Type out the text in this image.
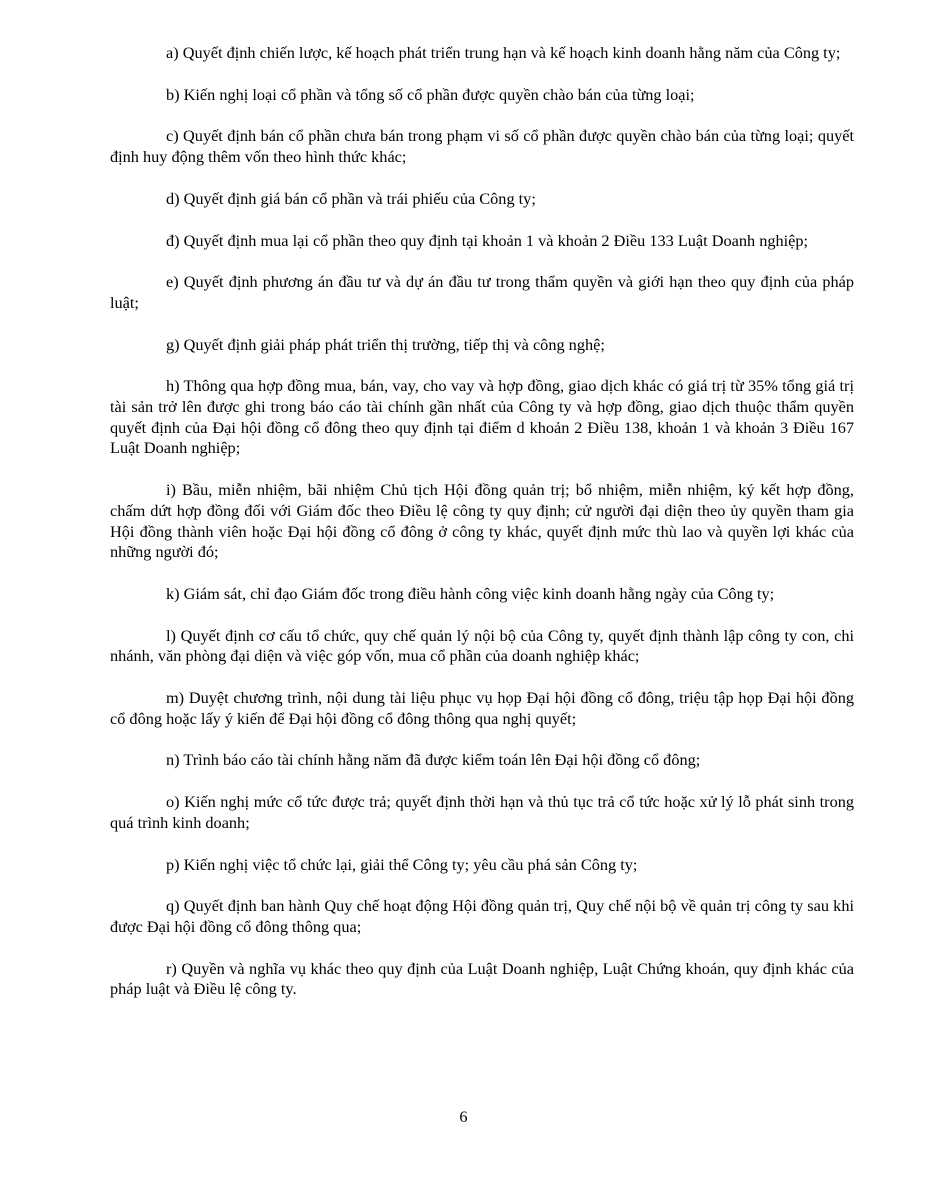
a) Quyết định chiến lược, kế hoạch phát triển trung hạn và kế hoạch kinh doanh hằng năm của Công ty;

b) Kiến nghị loại cổ phần và tổng số cổ phần được quyền chào bán của từng loại;

c) Quyết định bán cổ phần chưa bán trong phạm vi số cổ phần được quyền chào bán của từng loại; quyết định huy động thêm vốn theo hình thức khác;

d) Quyết định giá bán cổ phần và trái phiếu của Công ty;

đ) Quyết định mua lại cổ phần theo quy định tại khoản 1 và khoản 2 Điều 133 Luật Doanh nghiệp;

e) Quyết định phương án đầu tư và dự án đầu tư trong thẩm quyền và giới hạn theo quy định của pháp luật;

g) Quyết định giải pháp phát triển thị trường, tiếp thị và công nghệ;

h) Thông qua hợp đồng mua, bán, vay, cho vay và hợp đồng, giao dịch khác có giá trị từ 35% tổng giá trị tài sản trở lên được ghi trong báo cáo tài chính gần nhất của Công ty và hợp đồng, giao dịch thuộc thẩm quyền quyết định của Đại hội đồng cổ đông theo quy định tại điểm d khoản 2 Điều 138, khoản 1 và khoản 3 Điều 167 Luật Doanh nghiệp;

i) Bầu, miễn nhiệm, bãi nhiệm Chủ tịch Hội đồng quản trị; bổ nhiệm, miễn nhiệm, ký kết hợp đồng, chấm dứt hợp đồng đối với Giám đốc theo Điều lệ công ty quy định; cử người đại diện theo ủy quyền tham gia Hội đồng thành viên hoặc Đại hội đồng cổ đông ở công ty khác, quyết định mức thù lao và quyền lợi khác của những người đó;

k) Giám sát, chỉ đạo Giám đốc trong điều hành công việc kinh doanh hằng ngày của Công ty;

l) Quyết định cơ cấu tổ chức, quy chế quản lý nội bộ của Công ty, quyết định thành lập công ty con, chi nhánh, văn phòng đại diện và việc góp vốn, mua cổ phần của doanh nghiệp khác;

m) Duyệt chương trình, nội dung tài liệu phục vụ họp Đại hội đồng cổ đông, triệu tập họp Đại hội đồng cổ đông hoặc lấy ý kiến để Đại hội đồng cổ đông thông qua nghị quyết;

n) Trình báo cáo tài chính hằng năm đã được kiểm toán lên Đại hội đồng cổ đông;

o) Kiến nghị mức cổ tức được trả; quyết định thời hạn và thủ tục trả cổ tức hoặc xử lý lỗ phát sinh trong quá trình kinh doanh;

p) Kiến nghị việc tổ chức lại, giải thể Công ty; yêu cầu phá sản Công ty;

q) Quyết định ban hành Quy chế hoạt động Hội đồng quản trị, Quy chế nội bộ về quản trị công ty sau khi được Đại hội đồng cổ đông thông qua;

r) Quyền và nghĩa vụ khác theo quy định của Luật Doanh nghiệp, Luật Chứng khoán, quy định khác của pháp luật và Điều lệ công ty.

6
